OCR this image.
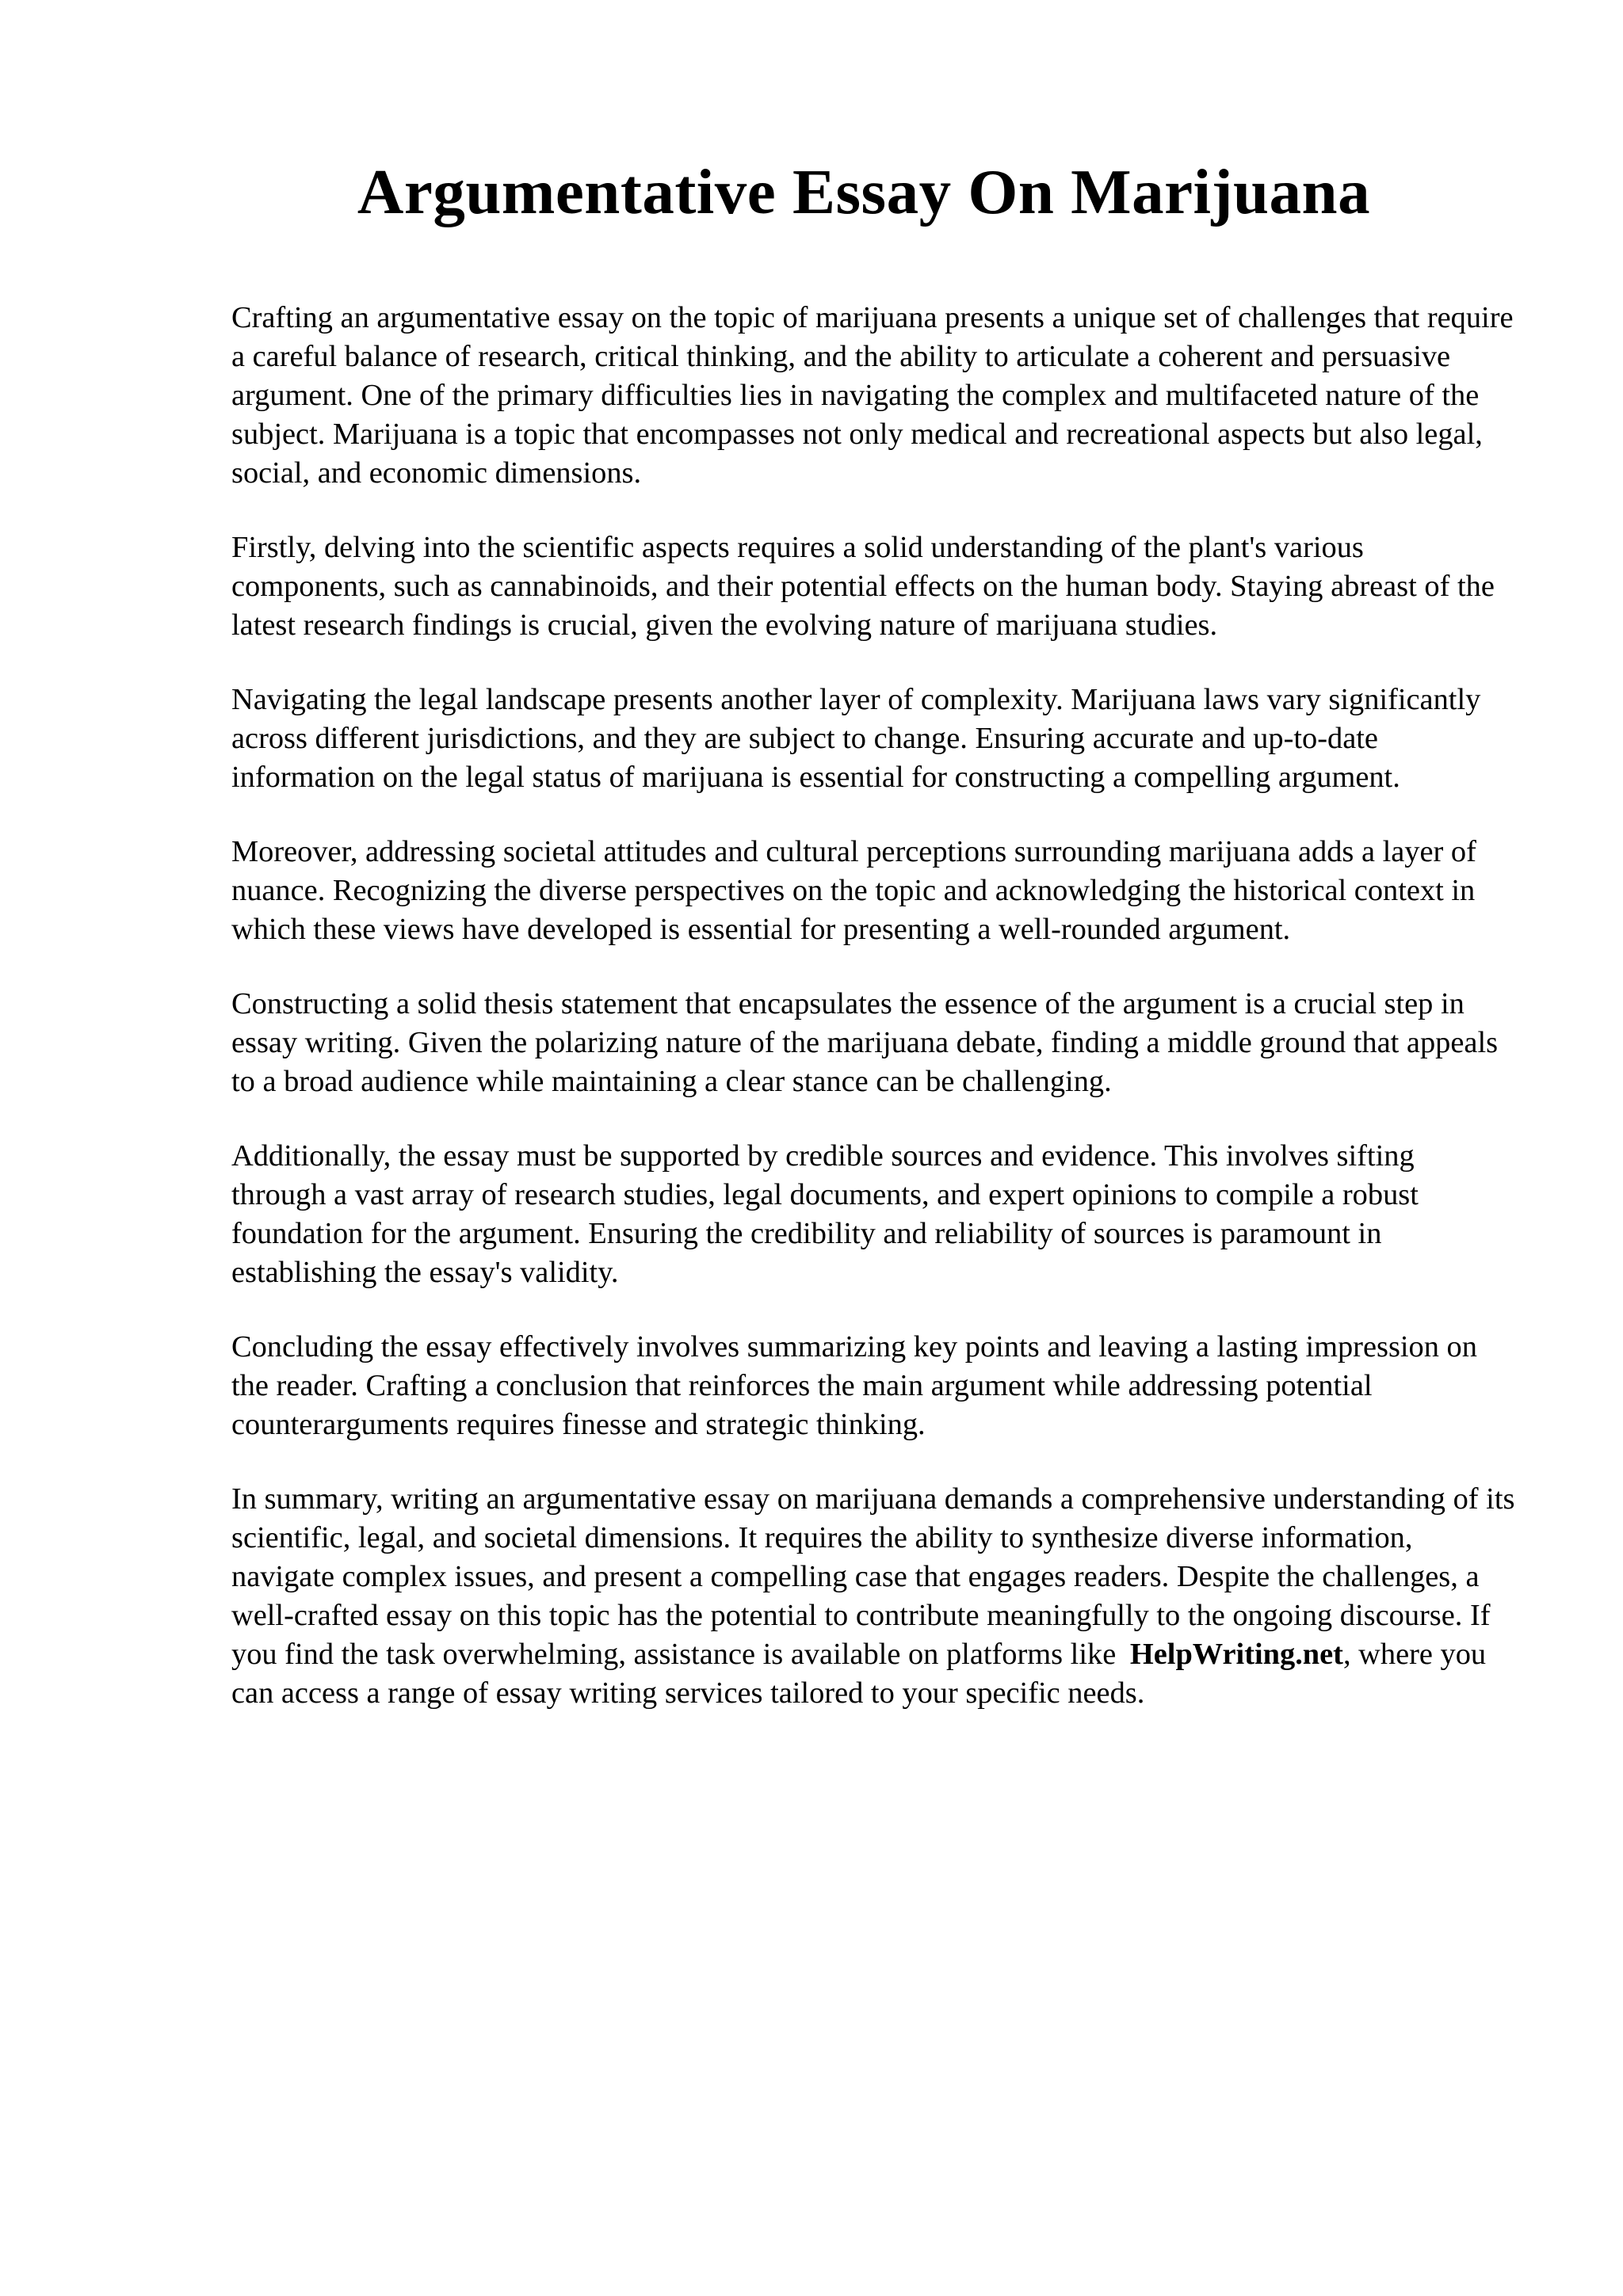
Argumentative Essay On Marijuana

Crafting an argumentative essay on the topic of marijuana presents a unique set of challenges that require a careful balance of research, critical thinking, and the ability to articulate a coherent and persuasive argument. One of the primary difficulties lies in navigating the complex and multifaceted nature of the subject. Marijuana is a topic that encompasses not only medical and recreational aspects but also legal, social, and economic dimensions.

Firstly, delving into the scientific aspects requires a solid understanding of the plant's various components, such as cannabinoids, and their potential effects on the human body. Staying abreast of the latest research findings is crucial, given the evolving nature of marijuana studies.

Navigating the legal landscape presents another layer of complexity. Marijuana laws vary significantly across different jurisdictions, and they are subject to change. Ensuring accurate and up-to-date information on the legal status of marijuana is essential for constructing a compelling argument.

Moreover, addressing societal attitudes and cultural perceptions surrounding marijuana adds a layer of nuance. Recognizing the diverse perspectives on the topic and acknowledging the historical context in which these views have developed is essential for presenting a well-rounded argument.

Constructing a solid thesis statement that encapsulates the essence of the argument is a crucial step in essay writing. Given the polarizing nature of the marijuana debate, finding a middle ground that appeals to a broad audience while maintaining a clear stance can be challenging.

Additionally, the essay must be supported by credible sources and evidence. This involves sifting through a vast array of research studies, legal documents, and expert opinions to compile a robust foundation for the argument. Ensuring the credibility and reliability of sources is paramount in establishing the essay's validity.

Concluding the essay effectively involves summarizing key points and leaving a lasting impression on the reader. Crafting a conclusion that reinforces the main argument while addressing potential counterarguments requires finesse and strategic thinking.

In summary, writing an argumentative essay on marijuana demands a comprehensive understanding of its scientific, legal, and societal dimensions. It requires the ability to synthesize diverse information, navigate complex issues, and present a compelling case that engages readers. Despite the challenges, a well-crafted essay on this topic has the potential to contribute meaningfully to the ongoing discourse. If you find the task overwhelming, assistance is available on platforms like HelpWriting.net, where you can access a range of essay writing services tailored to your specific needs.
